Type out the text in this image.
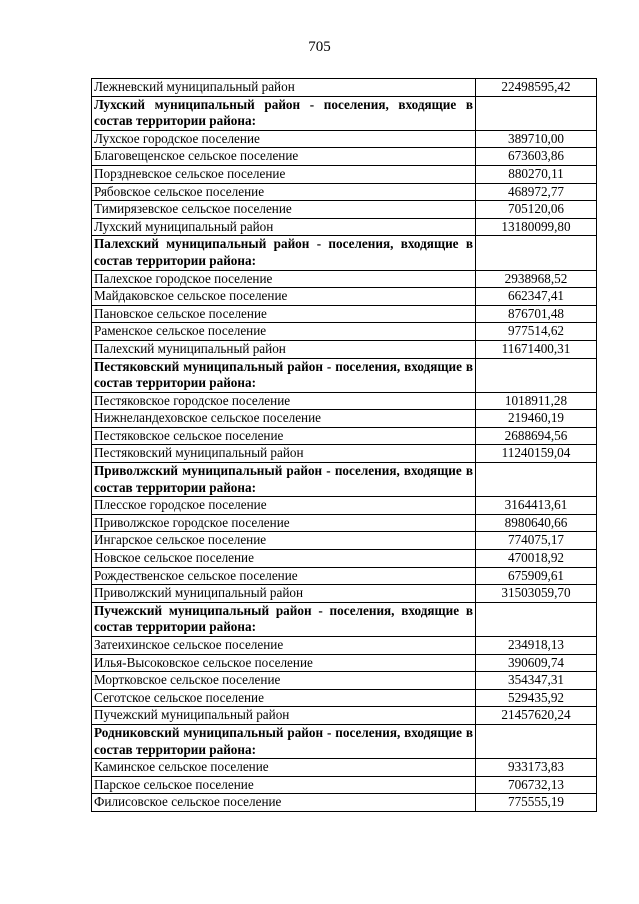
705
Лежневский муниципальный район	22498595,42
Лухский муниципальный район - поселения, входящие в состав территории района:	
Лухское городское поселение	389710,00
Благовещенское сельское поселение	673603,86
Порздневское сельское поселение	880270,11
Рябовское сельское поселение	468972,77
Тимирязевское сельское поселение	705120,06
Лухский муниципальный район	13180099,80
Палехский муниципальный район - поселения, входящие в состав территории района:	
Палехское городское поселение	2938968,52
Майдаковское сельское поселение	662347,41
Пановское сельское поселение	876701,48
Раменское сельское поселение	977514,62
Палехский муниципальный район	11671400,31
Пестяковский муниципальный район - поселения, входящие в состав территории района:	
Пестяковское городское поселение	1018911,28
Нижнеландеховское сельское поселение	219460,19
Пестяковское сельское поселение	2688694,56
Пестяковский муниципальный район	11240159,04
Приволжский муниципальный район - поселения, входящие в состав территории района:	
Плесское городское поселение	3164413,61
Приволжское городское поселение	8980640,66
Ингарское сельское поселение	774075,17
Новское сельское поселение	470018,92
Рождественское сельское поселение	675909,61
Приволжский муниципальный район	31503059,70
Пучежский муниципальный район - поселения, входящие в состав территории района:	
Затеихинское сельское поселение	234918,13
Илья-Высоковское сельское поселение	390609,74
Мортковское сельское поселение	354347,31
Сеготское сельское поселение	529435,92
Пучежский муниципальный район	21457620,24
Родниковский муниципальный район - поселения, входящие в состав территории района:	
Каминское сельское поселение	933173,83
Парское сельское поселение	706732,13
Филисовское сельское поселение	775555,19
